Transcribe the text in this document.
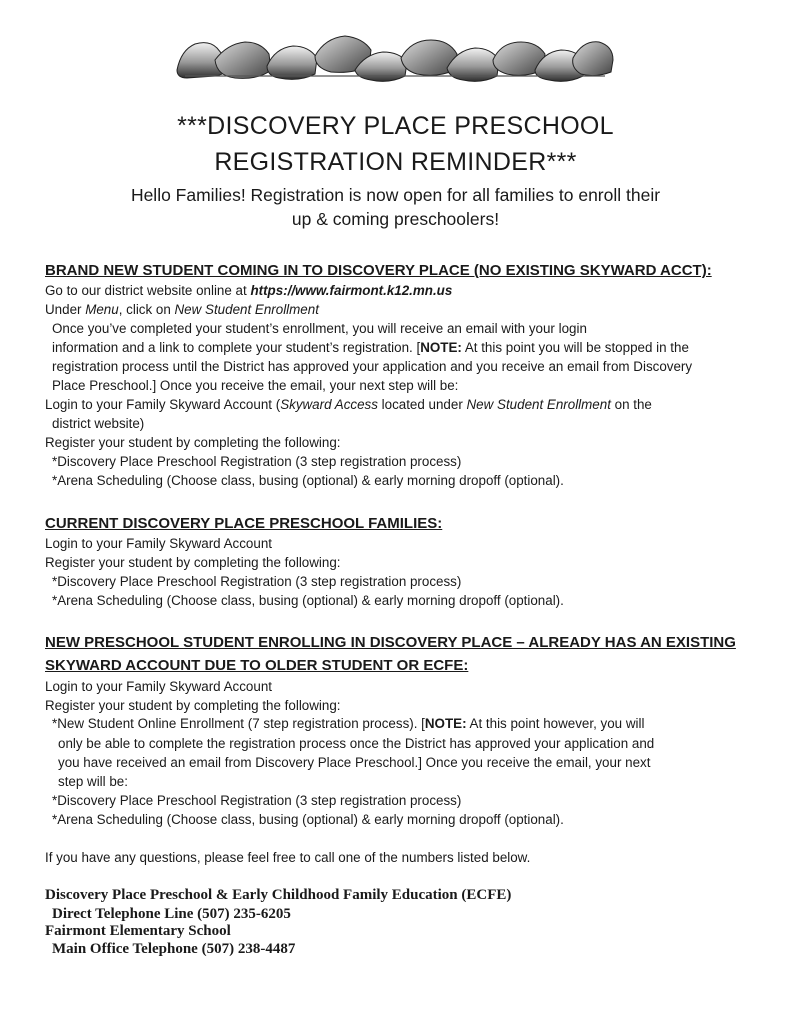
***DISCOVERY PLACE PRESCHOOL
REGISTRATION REMINDER***
Hello Families! Registration is now open for all families to enroll their
up & coming preschoolers!
BRAND NEW STUDENT COMING IN TO DISCOVERY PLACE (NO EXISTING SKYWARD ACCT):
Go to our district website online at https://www.fairmont.k12.mn.us
Under Menu, click on New Student Enrollment
Once you’ve completed your student’s enrollment, you will receive an email with your login
information and a link to complete your student’s registration. [NOTE: At this point you will be stopped in the
registration process until the District has approved your application and you receive an email from Discovery
Place Preschool.] Once you receive the email, your next step will be:
Login to your Family Skyward Account (Skyward Access located under New Student Enrollment on the
district website)
Register your student by completing the following:
*Discovery Place Preschool Registration (3 step registration process)
*Arena Scheduling (Choose class, busing (optional) & early morning dropoff (optional).
CURRENT DISCOVERY PLACE PRESCHOOL FAMILIES:
Login to your Family Skyward Account
Register your student by completing the following:
*Discovery Place Preschool Registration (3 step registration process)
*Arena Scheduling (Choose class, busing (optional) & early morning dropoff (optional).
NEW PRESCHOOL STUDENT ENROLLING IN DISCOVERY PLACE – ALREADY HAS AN EXISTING
SKYWARD ACCOUNT DUE TO OLDER STUDENT OR ECFE:
Login to your Family Skyward Account
Register your student by completing the following:
*New Student Online Enrollment (7 step registration process). [NOTE: At this point however, you will
only be able to complete the registration process once the District has approved your application and
you have received an email from Discovery Place Preschool.] Once you receive the email, your next
step will be:
*Discovery Place Preschool Registration (3 step registration process)
*Arena Scheduling (Choose class, busing (optional) & early morning dropoff (optional).
If you have any questions, please feel free to call one of the numbers listed below.
Discovery Place Preschool & Early Childhood Family Education (ECFE)
Direct Telephone Line (507) 235-6205
Fairmont Elementary School
Main Office Telephone (507) 238-4487
